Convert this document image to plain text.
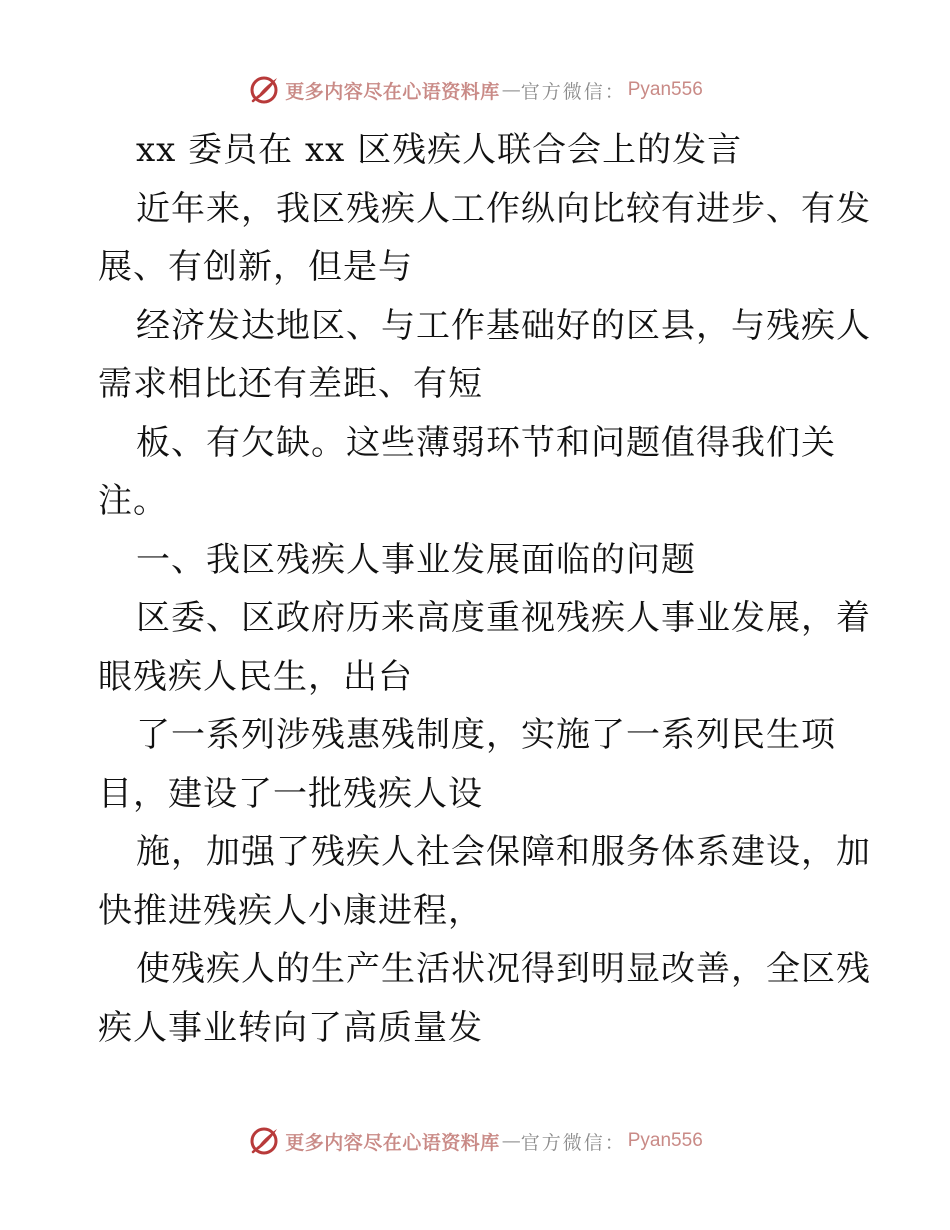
更多内容尽在心语资料库 — 官方微信： Pyan556
xx 委员在 xx 区残疾人联合会上的发言
近年来，我区残疾人工作纵向比较有进步、有发
展、有创新，但是与
经济发达地区、与工作基础好的区县，与残疾人
需求相比还有差距、有短
板、有欠缺。这些薄弱环节和问题值得我们关
注。
一、我区残疾人事业发展面临的问题
区委、区政府历来高度重视残疾人事业发展，着
眼残疾人民生，出台
了一系列涉残惠残制度，实施了一系列民生项
目，建设了一批残疾人设
施，加强了残疾人社会保障和服务体系建设，加
快推进残疾人小康进程，
使残疾人的生产生活状况得到明显改善，全区残
疾人事业转向了高质量发
更多内容尽在心语资料库 — 官方微信： Pyan556
